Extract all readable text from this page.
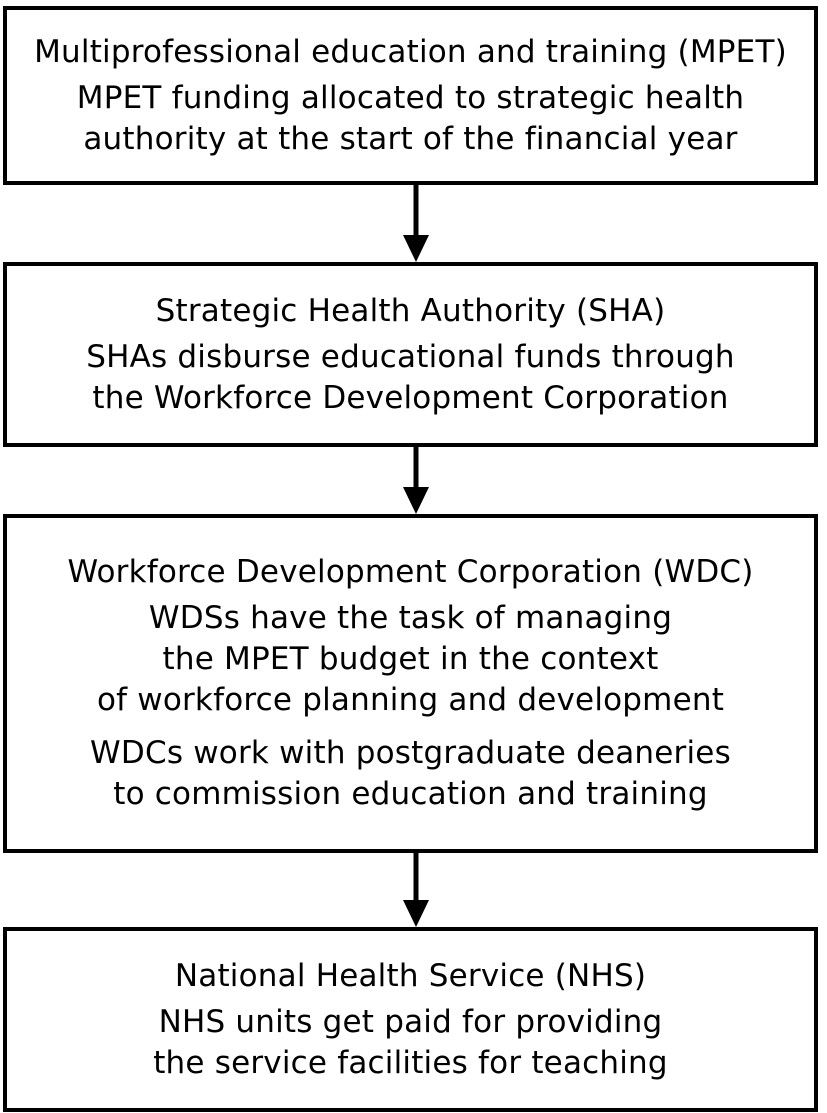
Multiprofessional education and training (MPET)
MPET funding allocated to strategic health
authority at the start of the financial year
Strategic Health Authority (SHA)
SHAs disburse educational funds through
the Workforce Development Corporation
Workforce Development Corporation (WDC)
WDSs have the task of managing
the MPET budget in the context
of workforce planning and development
WDCs work with postgraduate deaneries
to commission education and training
National Health Service (NHS)
NHS units get paid for providing
the service facilities for teaching
